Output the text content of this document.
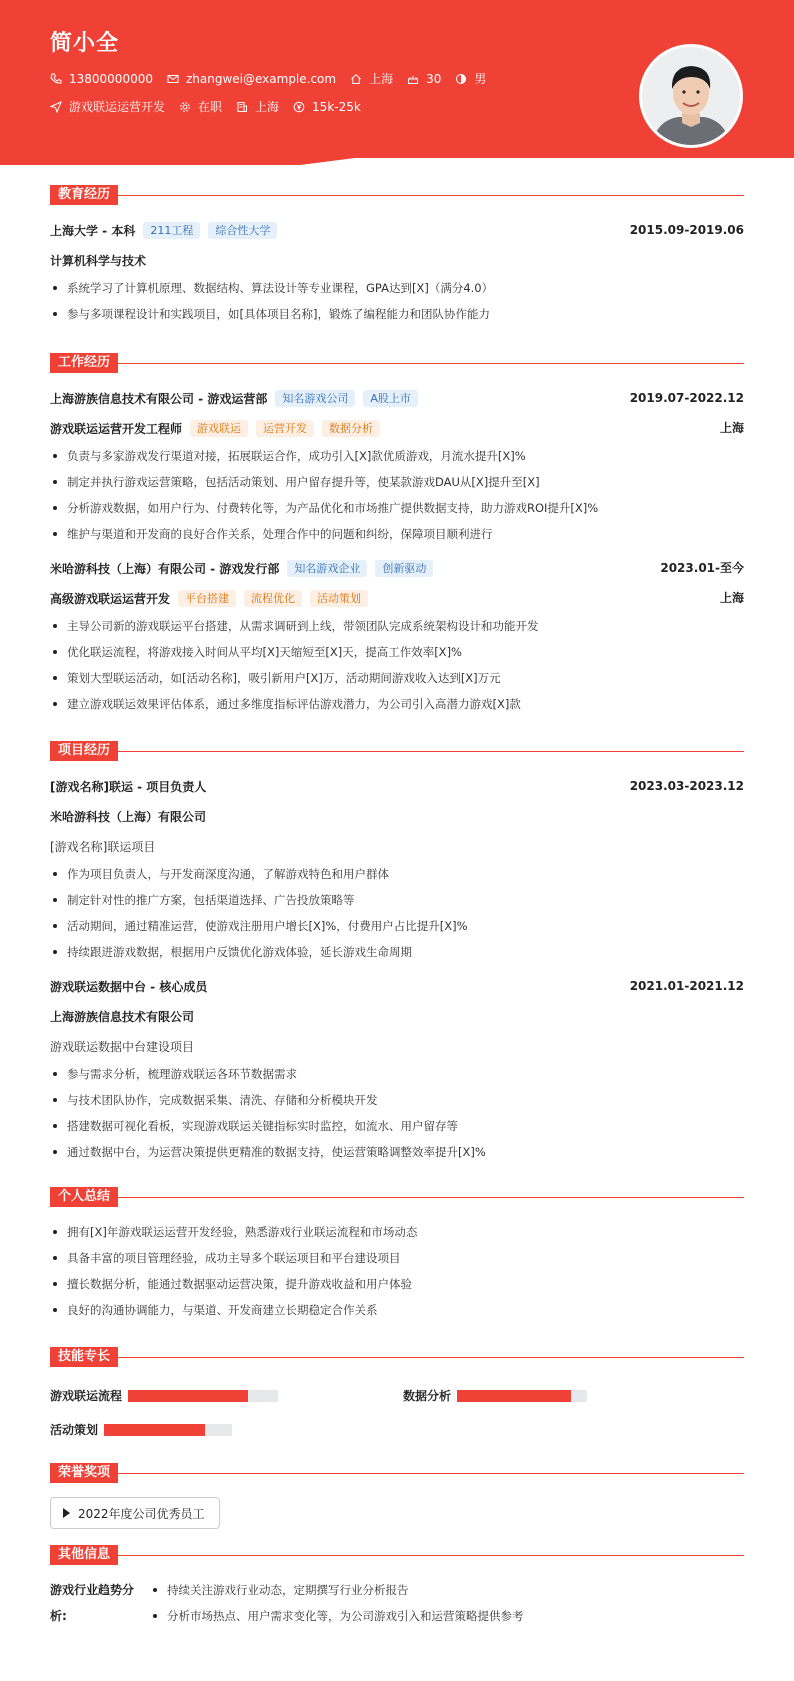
简小全
13800000000	zhangwei@example.com	上海	30	男
游戏联运运营开发	在职	上海	15k-25k
教育经历
上海大学 - 本科	211工程	综合性大学	2015.09-2019.06
计算机科学与技术
系统学习了计算机原理、数据结构、算法设计等专业课程，GPA达到[X]（满分4.0）
参与多项课程设计和实践项目，如[具体项目名称]，锻炼了编程能力和团队协作能力
工作经历
上海游族信息技术有限公司 - 游戏运营部	知名游戏公司	A股上市	2019.07-2022.12
游戏联运运营开发工程师	游戏联运	运营开发	数据分析	上海
负责与多家游戏发行渠道对接，拓展联运合作，成功引入[X]款优质游戏，月流水提升[X]%
制定并执行游戏运营策略，包括活动策划、用户留存提升等，使某款游戏DAU从[X]提升至[X]
分析游戏数据，如用户行为、付费转化等，为产品优化和市场推广提供数据支持，助力游戏ROI提升[X]%
维护与渠道和开发商的良好合作关系，处理合作中的问题和纠纷，保障项目顺利进行
米哈游科技（上海）有限公司 - 游戏发行部	知名游戏企业	创新驱动	2023.01-至今
高级游戏联运运营开发	平台搭建	流程优化	活动策划	上海
主导公司新的游戏联运平台搭建，从需求调研到上线，带领团队完成系统架构设计和功能开发
优化联运流程，将游戏接入时间从平均[X]天缩短至[X]天，提高工作效率[X]%
策划大型联运活动，如[活动名称]，吸引新用户[X]万，活动期间游戏收入达到[X]万元
建立游戏联运效果评估体系，通过多维度指标评估游戏潜力，为公司引入高潜力游戏[X]款
项目经历
[游戏名称]联运 - 项目负责人	2023.03-2023.12
米哈游科技（上海）有限公司
[游戏名称]联运项目
作为项目负责人，与开发商深度沟通，了解游戏特色和用户群体
制定针对性的推广方案，包括渠道选择、广告投放策略等
活动期间，通过精准运营，使游戏注册用户增长[X]%，付费用户占比提升[X]%
持续跟进游戏数据，根据用户反馈优化游戏体验，延长游戏生命周期
游戏联运数据中台 - 核心成员	2021.01-2021.12
上海游族信息技术有限公司
游戏联运数据中台建设项目
参与需求分析，梳理游戏联运各环节数据需求
与技术团队协作，完成数据采集、清洗、存储和分析模块开发
搭建数据可视化看板，实现游戏联运关键指标实时监控，如流水、用户留存等
通过数据中台，为运营决策提供更精准的数据支持，使运营策略调整效率提升[X]%
个人总结
拥有[X]年游戏联运运营开发经验，熟悉游戏行业联运流程和市场动态
具备丰富的项目管理经验，成功主导多个联运项目和平台建设项目
擅长数据分析，能通过数据驱动运营决策，提升游戏收益和用户体验
良好的沟通协调能力，与渠道、开发商建立长期稳定合作关系
技能专长
游戏联运流程	数据分析
活动策划
荣誉奖项
2022年度公司优秀员工
其他信息
游戏行业趋势分析:
持续关注游戏行业动态，定期撰写行业分析报告
分析市场热点、用户需求变化等，为公司游戏引入和运营策略提供参考
